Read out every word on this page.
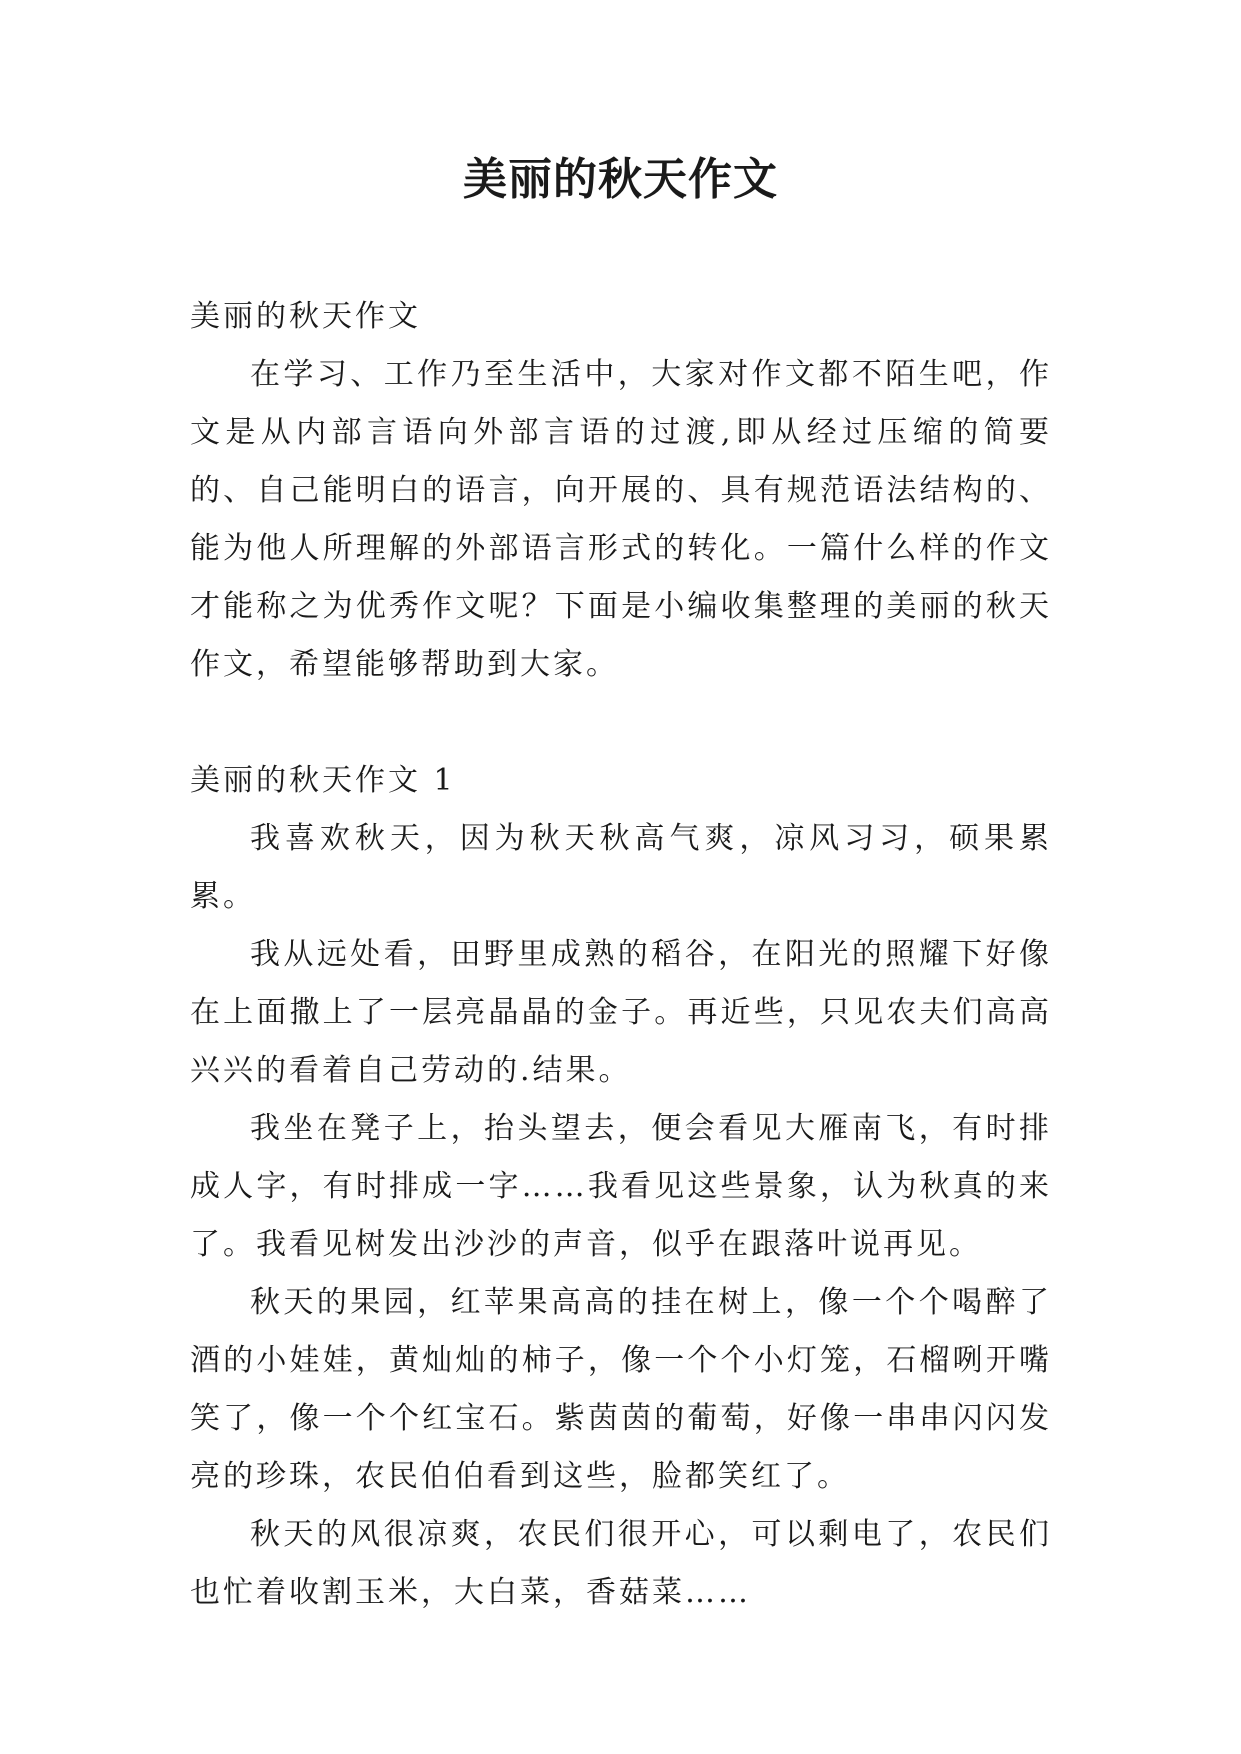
美丽的秋天作文

美丽的秋天作文

在学习、工作乃至生活中，大家对作文都不陌生吧，作文是从内部言语向外部言语的过渡,即从经过压缩的简要的、自己能明白的语言，向开展的、具有规范语法结构的、能为他人所理解的外部语言形式的转化。一篇什么样的作文才能称之为优秀作文呢？下面是小编收集整理的美丽的秋天作文，希望能够帮助到大家。

美丽的秋天作文 1

我喜欢秋天，因为秋天秋高气爽，凉风习习，硕果累累。

我从远处看，田野里成熟的稻谷，在阳光的照耀下好像在上面撒上了一层亮晶晶的金子。再近些，只见农夫们高高兴兴的看着自己劳动的.结果。

我坐在凳子上，抬头望去，便会看见大雁南飞，有时排成人字，有时排成一字……我看见这些景象，认为秋真的来了。我看见树发出沙沙的声音，似乎在跟落叶说再见。

秋天的果园，红苹果高高的挂在树上，像一个个喝醉了酒的小娃娃，黄灿灿的柿子，像一个个小灯笼，石榴咧开嘴笑了，像一个个红宝石。紫茵茵的葡萄，好像一串串闪闪发亮的珍珠，农民伯伯看到这些，脸都笑红了。

秋天的风很凉爽，农民们很开心，可以剩电了，农民们也忙着收割玉米，大白菜，香菇菜……
